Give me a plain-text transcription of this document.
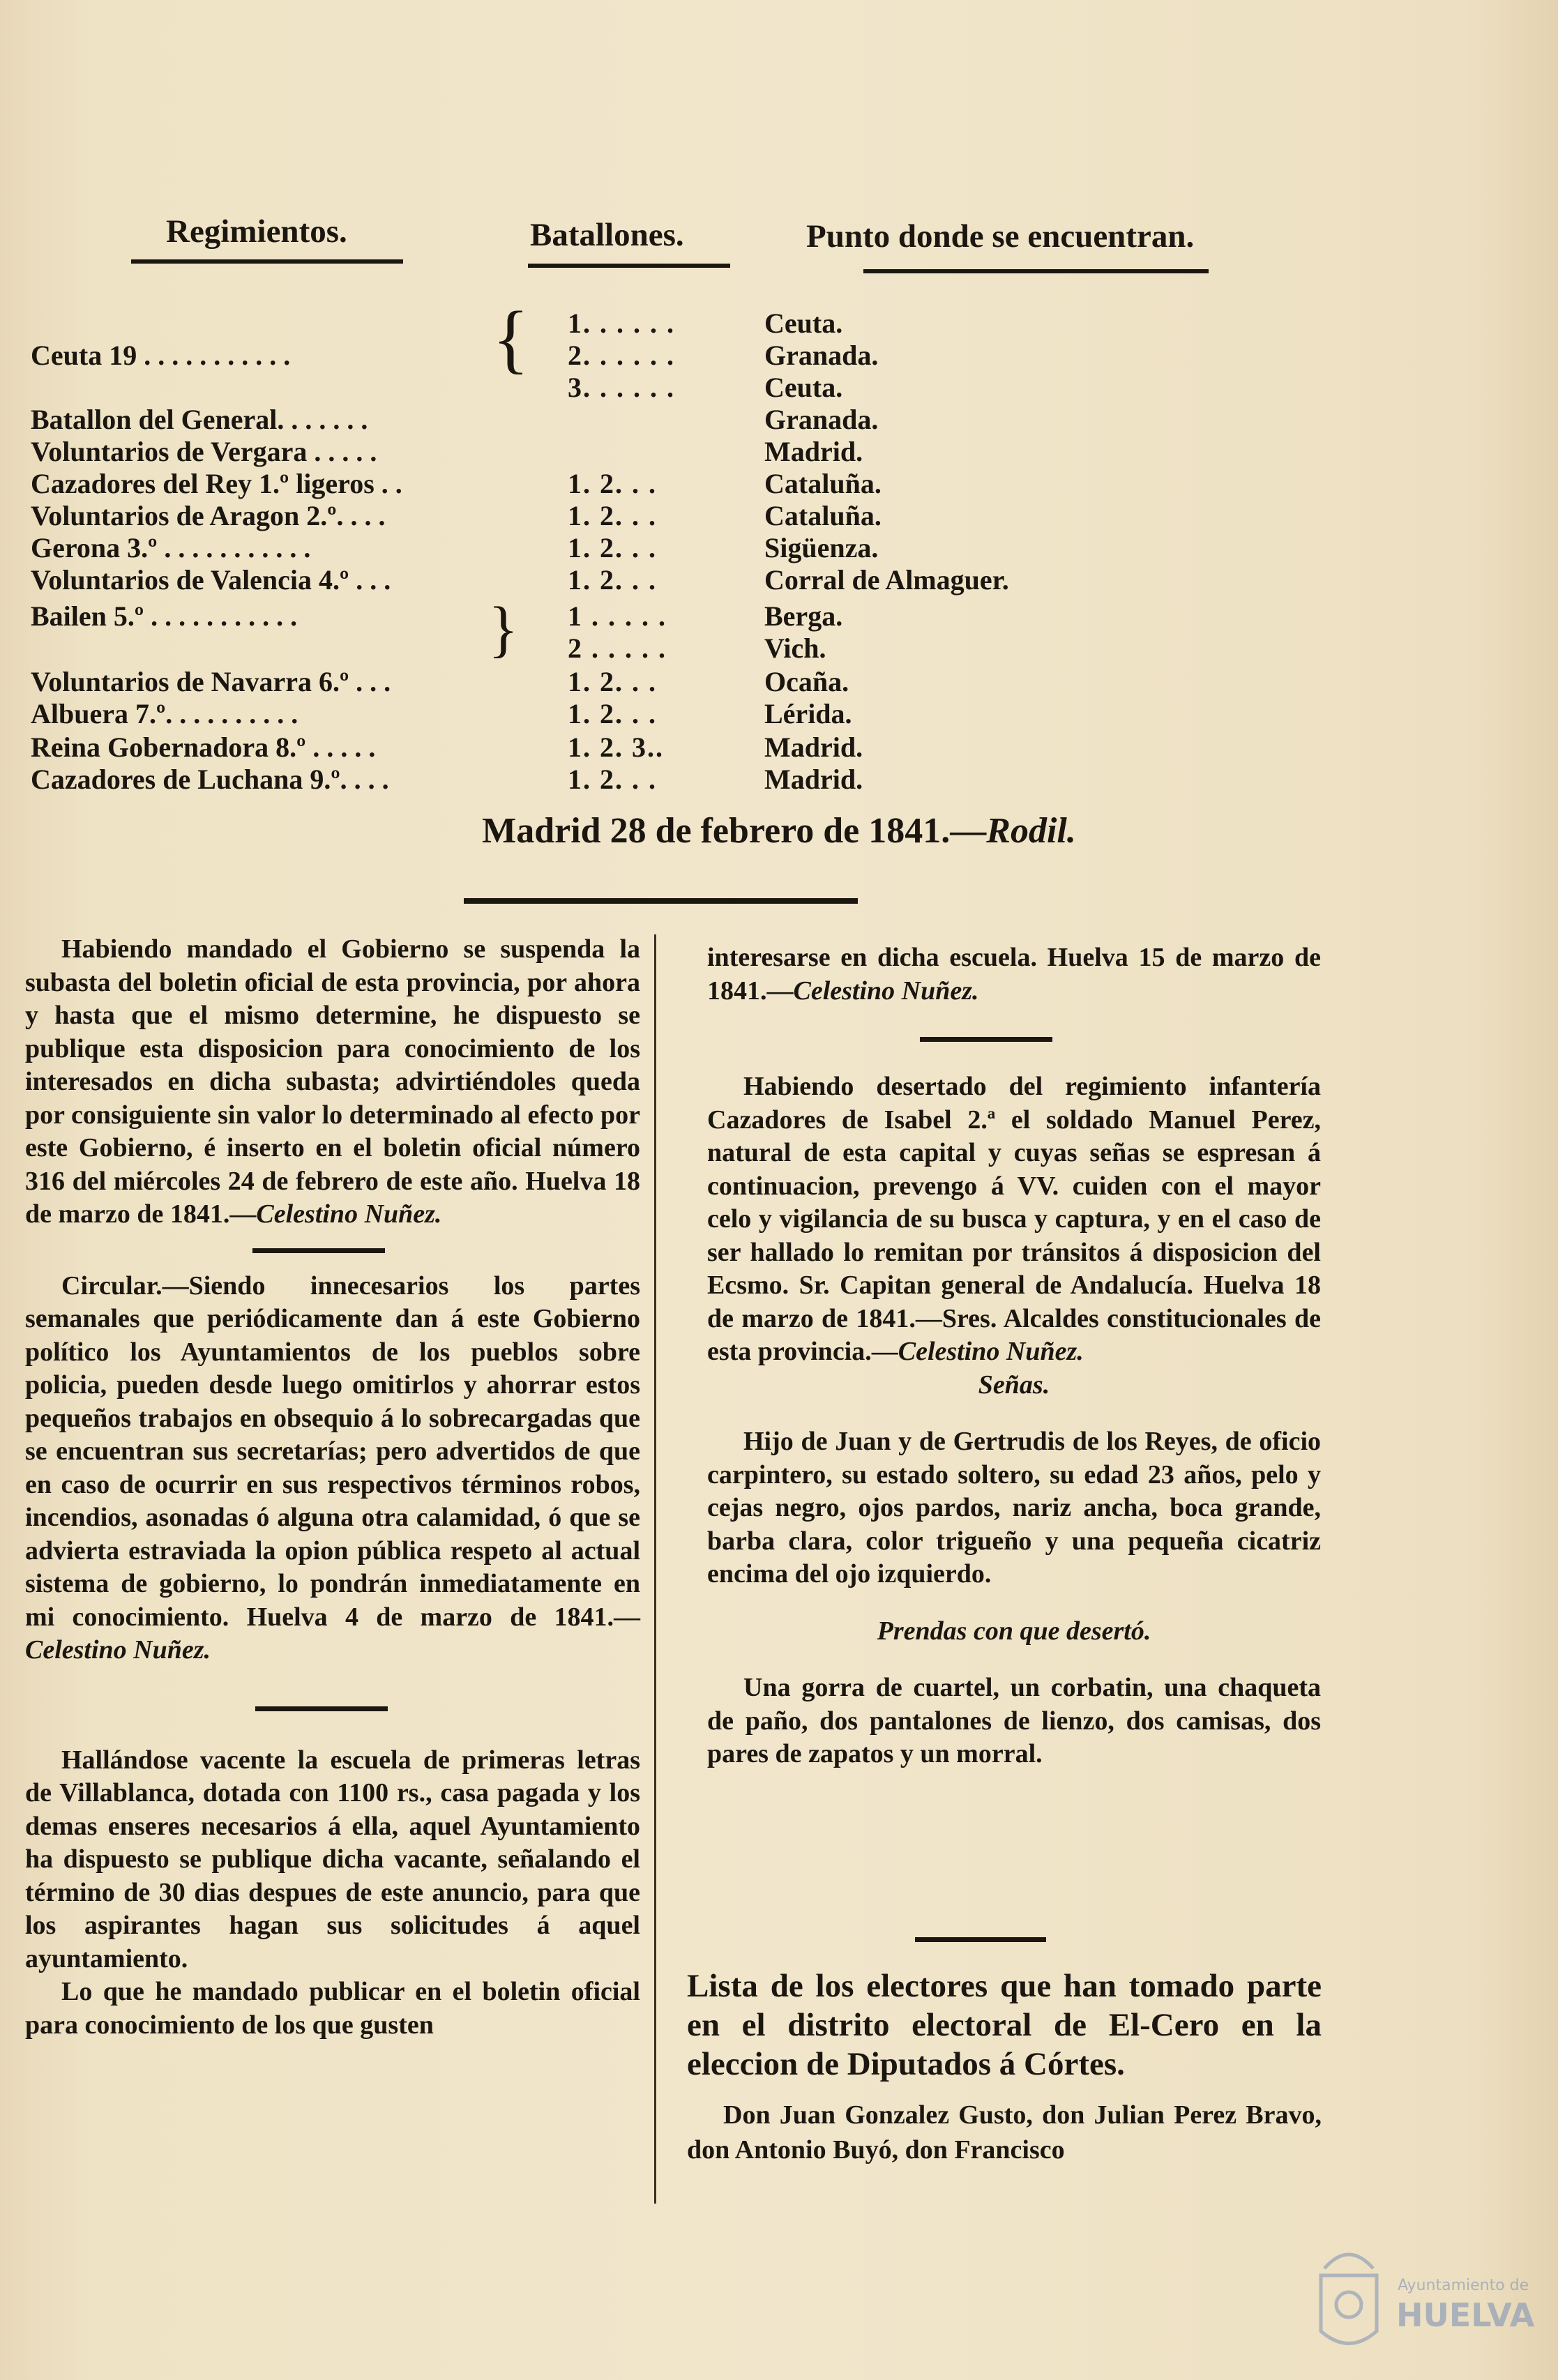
Regimientos.	Batallones.	Punto donde se encuentran.
1. . . . . .	Ceuta.
Ceuta 19 . . . . . . . . . . .	2. . . . . .	Granada.
3. . . . . .	Ceuta.
Batallon del General. . . . . . .	Granada.
Voluntarios de Vergara . . . . .	Madrid.
Cazadores del Rey 1.º ligeros . .	1. 2. . .	Cataluña.
Voluntarios de Aragon 2.º. . . .	1. 2. . .	Cataluña.
Gerona 3.º . . . . . . . . . . .	1. 2. . .	Sigüenza.
Voluntarios de Valencia 4.º . . .	1. 2. . .	Corral de Almaguer.
Bailen 5.º . . . . . . . . . . .	1 . . . . .	Berga.
2 . . . . .	Vich.
Voluntarios de Navarra 6.º . . .	1. 2. . .	Ocaña.
Albuera 7.º. . . . . . . . . .	1. 2. . .	Lérida.
Reina Gobernadora 8.º . . . . .	1. 2. 3..	Madrid.
Cazadores de Luchana 9.º. . . .	1. 2. . .	Madrid.
{
}
Madrid 28 de febrero de 1841.—Rodil.

Habiendo mandado el Gobierno se suspenda la subasta del boletin oficial de esta provincia, por ahora y hasta que el mismo determine, he dispuesto se publique esta disposicion para conocimiento de los interesados en dicha subasta; advirtiéndoles queda por consiguiente sin valor lo determinado al efecto por este Gobierno, é inserto en el boletin oficial número 316 del miércoles 24 de febrero de este año. Huelva 18 de marzo de 1841.—Celestino Nuñez.

Circular.—Siendo innecesarios los partes semanales que periódicamente dan á este Gobierno político los Ayuntamientos de los pueblos sobre policia, pueden desde luego omitirlos y ahorrar estos pequeños trabajos en obsequio á lo sobrecargadas que se encuentran sus secretarías; pero advertidos de que en caso de ocurrir en sus respectivos términos robos, incendios, asonadas ó alguna otra calamidad, ó que se advierta estraviada la opion pública respeto al actual sistema de gobierno, lo pondrán inmediatamente en mi conocimiento. Huelva 4 de marzo de 1841.—Celestino Nuñez.

Hallándose vacente la escuela de primeras letras de Villablanca, dotada con 1100 rs., casa pagada y los demas enseres necesarios á ella, aquel Ayuntamiento ha dispuesto se publique dicha vacante, señalando el término de 30 dias despues de este anuncio, para que los aspirantes hagan sus solicitudes á aquel ayuntamiento.

Lo que he mandado publicar en el boletin oficial para conocimiento de los que gusten

interesarse en dicha escuela. Huelva 15 de marzo de 1841.—Celestino Nuñez.

Habiendo desertado del regimiento infantería Cazadores de Isabel 2.ª el soldado Manuel Perez, natural de esta capital y cuyas señas se espresan á continuacion, prevengo á VV. cuiden con el mayor celo y vigilancia de su busca y captura, y en el caso de ser hallado lo remitan por tránsitos á disposicion del Ecsmo. Sr. Capitan general de Andalucía. Huelva 18 de marzo de 1841.—Sres. Alcaldes constitucionales de esta provincia.—Celestino Nuñez.

Señas.

Hijo de Juan y de Gertrudis de los Reyes, de oficio carpintero, su estado soltero, su edad 23 años, pelo y cejas negro, ojos pardos, nariz ancha, boca grande, barba clara, color trigueño y una pequeña cicatriz encima del ojo izquierdo.

Prendas con que desertó.

Una gorra de cuartel, un corbatin, una chaqueta de paño, dos pantalones de lienzo, dos camisas, dos pares de zapatos y un morral.

Lista de los electores que han tomado parte en el distrito electoral de El-Cero en la eleccion de Diputados á Córtes.
Don Juan Gonzalez Gusto, don Julian Perez Bravo, don Antonio Buyó, don Francisco
Ayuntamiento de
HUELVA
